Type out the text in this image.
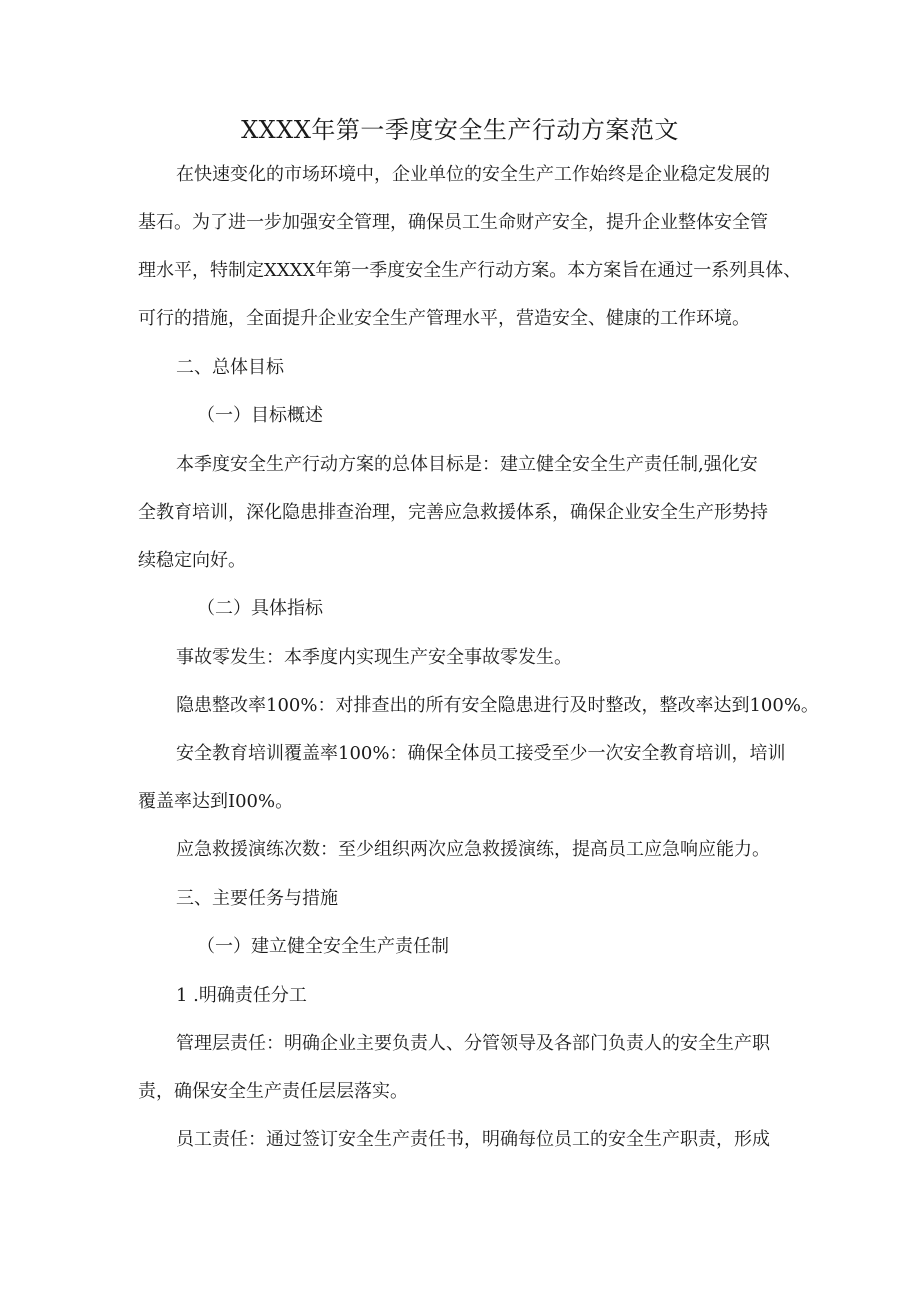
XXXX年第一季度安全生产行动方案范文
在快速变化的市场环境中，企业单位的安全生产工作始终是企业稳定发展的
基石。为了进一步加强安全管理，确保员工生命财产安全，提升企业整体安全管
理水平，特制定XXXX年第一季度安全生产行动方案。本方案旨在通过一系列具体、
可行的措施，全面提升企业安全生产管理水平，营造安全、健康的工作环境。
二、总体目标
（一）目标概述
本季度安全生产行动方案的总体目标是：建立健全安全生产责任制,强化安
全教育培训，深化隐患排查治理，完善应急救援体系，确保企业安全生产形势持
续稳定向好。
（二）具体指标
事故零发生：本季度内实现生产安全事故零发生。
隐患整改率100%：对排查出的所有安全隐患进行及时整改，整改率达到100%。
安全教育培训覆盖率100%：确保全体员工接受至少一次安全教育培训，培训
覆盖率达到I00%。
应急救援演练次数：至少组织两次应急救援演练，提高员工应急响应能力。
三、主要任务与措施
（一）建立健全安全生产责任制
1 .明确责任分工
管理层责任：明确企业主要负责人、分管领导及各部门负责人的安全生产职
责，确保安全生产责任层层落实。
员工责任：通过签订安全生产责任书，明确每位员工的安全生产职责，形成
